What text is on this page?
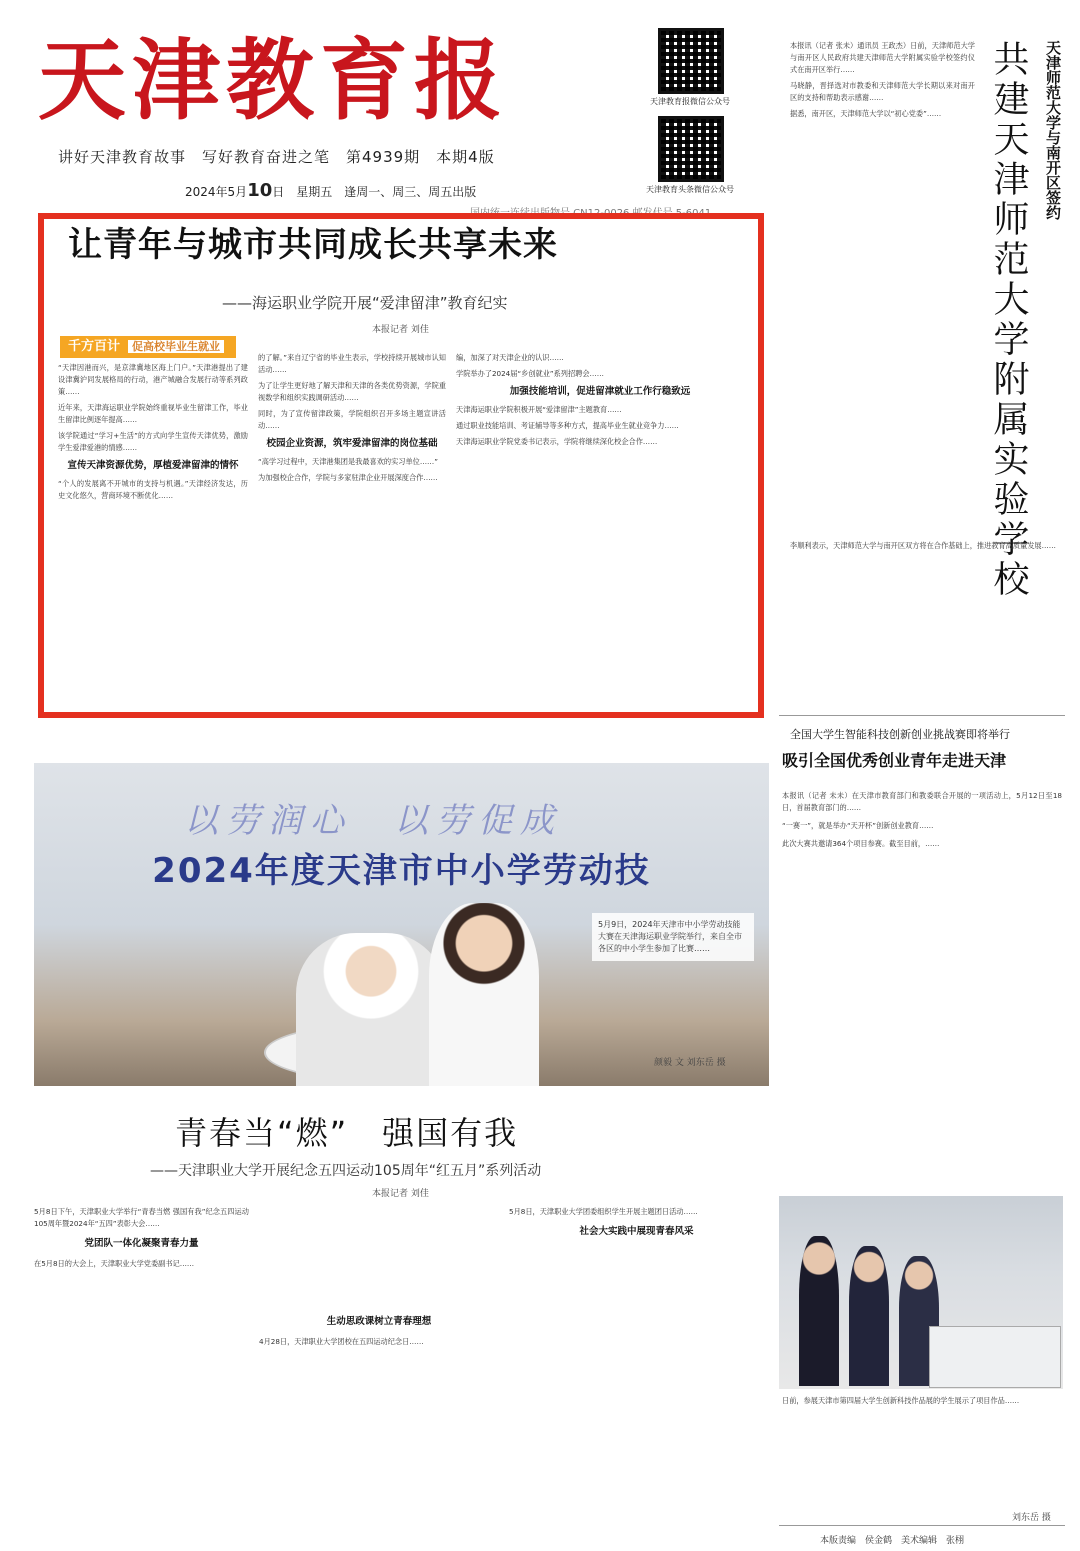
天津教育报
讲好天津教育故事　写好教育奋进之笔　第4939期　本期4版
2024年5月10日　星期五　逢周一、周三、周五出版
天津教育报微信公众号
天津教育头条微信公众号
国内统一连续出版物号 CN12-0026 邮发代号 5-6041
让青年与城市共同成长共享未来
——海运职业学院开展“爱津留津”教育纪实
本报记者 刘佳
千方百计 促高校毕业生就业

“天津因港而兴，是京津冀地区海上门户。”天津港提出了建设津冀沪同发展格局的行动，港产城融合发展行动等系列政策……

近年来，天津海运职业学院始终重视毕业生留津工作，毕业生留津比例逐年提高……

该学院通过“学习+生活”的方式向学生宣传天津优势，激励学生爱津爱港的情感……

宣传天津资源优势，厚植爱津留津的情怀

“个人的发展离不开城市的支持与机遇。”天津经济发达，历史文化悠久，营商环境不断优化……

的了解。”来自辽宁省的毕业生表示，学校持续开展城市认知活动……

为了让学生更好地了解天津和天津的各类优势资源，学院重视数学和组织实践调研活动……

同时，为了宣传留津政策，学院组织召开多场主题宣讲活动……

校园企业资源，筑牢爱津留津的岗位基础

“高学习过程中，天津港集团是我最喜欢的实习单位……”

为加强校企合作，学院与多家驻津企业开展深度合作……

编，加深了对天津企业的认识……

学院举办了2024届“乡创就业”系列招聘会……

加强技能培训，促进留津就业工作行稳致远

天津海运职业学院积极开展“爱津留津”主题教育……

通过职业技能培训、考证辅导等多种方式，提高毕业生就业竞争力……

天津海运职业学院党委书记表示，学院将继续深化校企合作……

天津师范大学与南开区签约
共建天津师范大学附属实验学校

本报讯（记者 张未）通讯员 王政杰）日前，天津师范大学与南开区人民政府共建天津师范大学附属实验学校签约仪式在南开区举行……

马晓静，晋择选对市教委和天津师范大学长期以来对南开区的支持和帮助表示感谢……

据悉，南开区，天津师范大学以“初心党委”……

李顺利表示，天津师范大学与南开区双方将在合作基础上，推进教育高质量发展……

以劳润心　以劳促成
2024年度天津市中小学劳动技
5月9日，2024年天津市中小学劳动技能大赛在天津海运职业学院举行，来自全市各区的中小学生参加了比赛……
颜毅 文 刘东岳 摄
青春当“燃”　强国有我
——天津职业大学开展纪念五四运动105周年“红五月”系列活动
本报记者 刘佳

5月8日下午，天津职业大学举行“青春当燃 强国有我”纪念五四运动105周年暨2024年“五四”表彰大会……

党团队一体化凝聚青春力量

在5月8日的大会上，天津职业大学党委副书记……

生动思政课树立青春理想

4月28日，天津职业大学团校在五四运动纪念日……

5月8日，天津职业大学团委组织学生开展主题团日活动……

社会大实践中展现青春风采
全国大学生智能科技创新创业挑战赛即将举行
吸引全国优秀创业青年走进天津

本报讯（记者 未未）在天津市教育部门和教委联合开展的一项活动上，5月12日至18日，首届教育部门的……

“一赛一”，就是举办“天开杯”创新创业教育……

此次大赛共邀请364个项目参赛。截至目前，……

日前，参展天津市第四届大学生创新科技作品展的学生展示了项目作品……

刘东岳 摄
本版责编　侯金鹤　美术编辑　张栩
